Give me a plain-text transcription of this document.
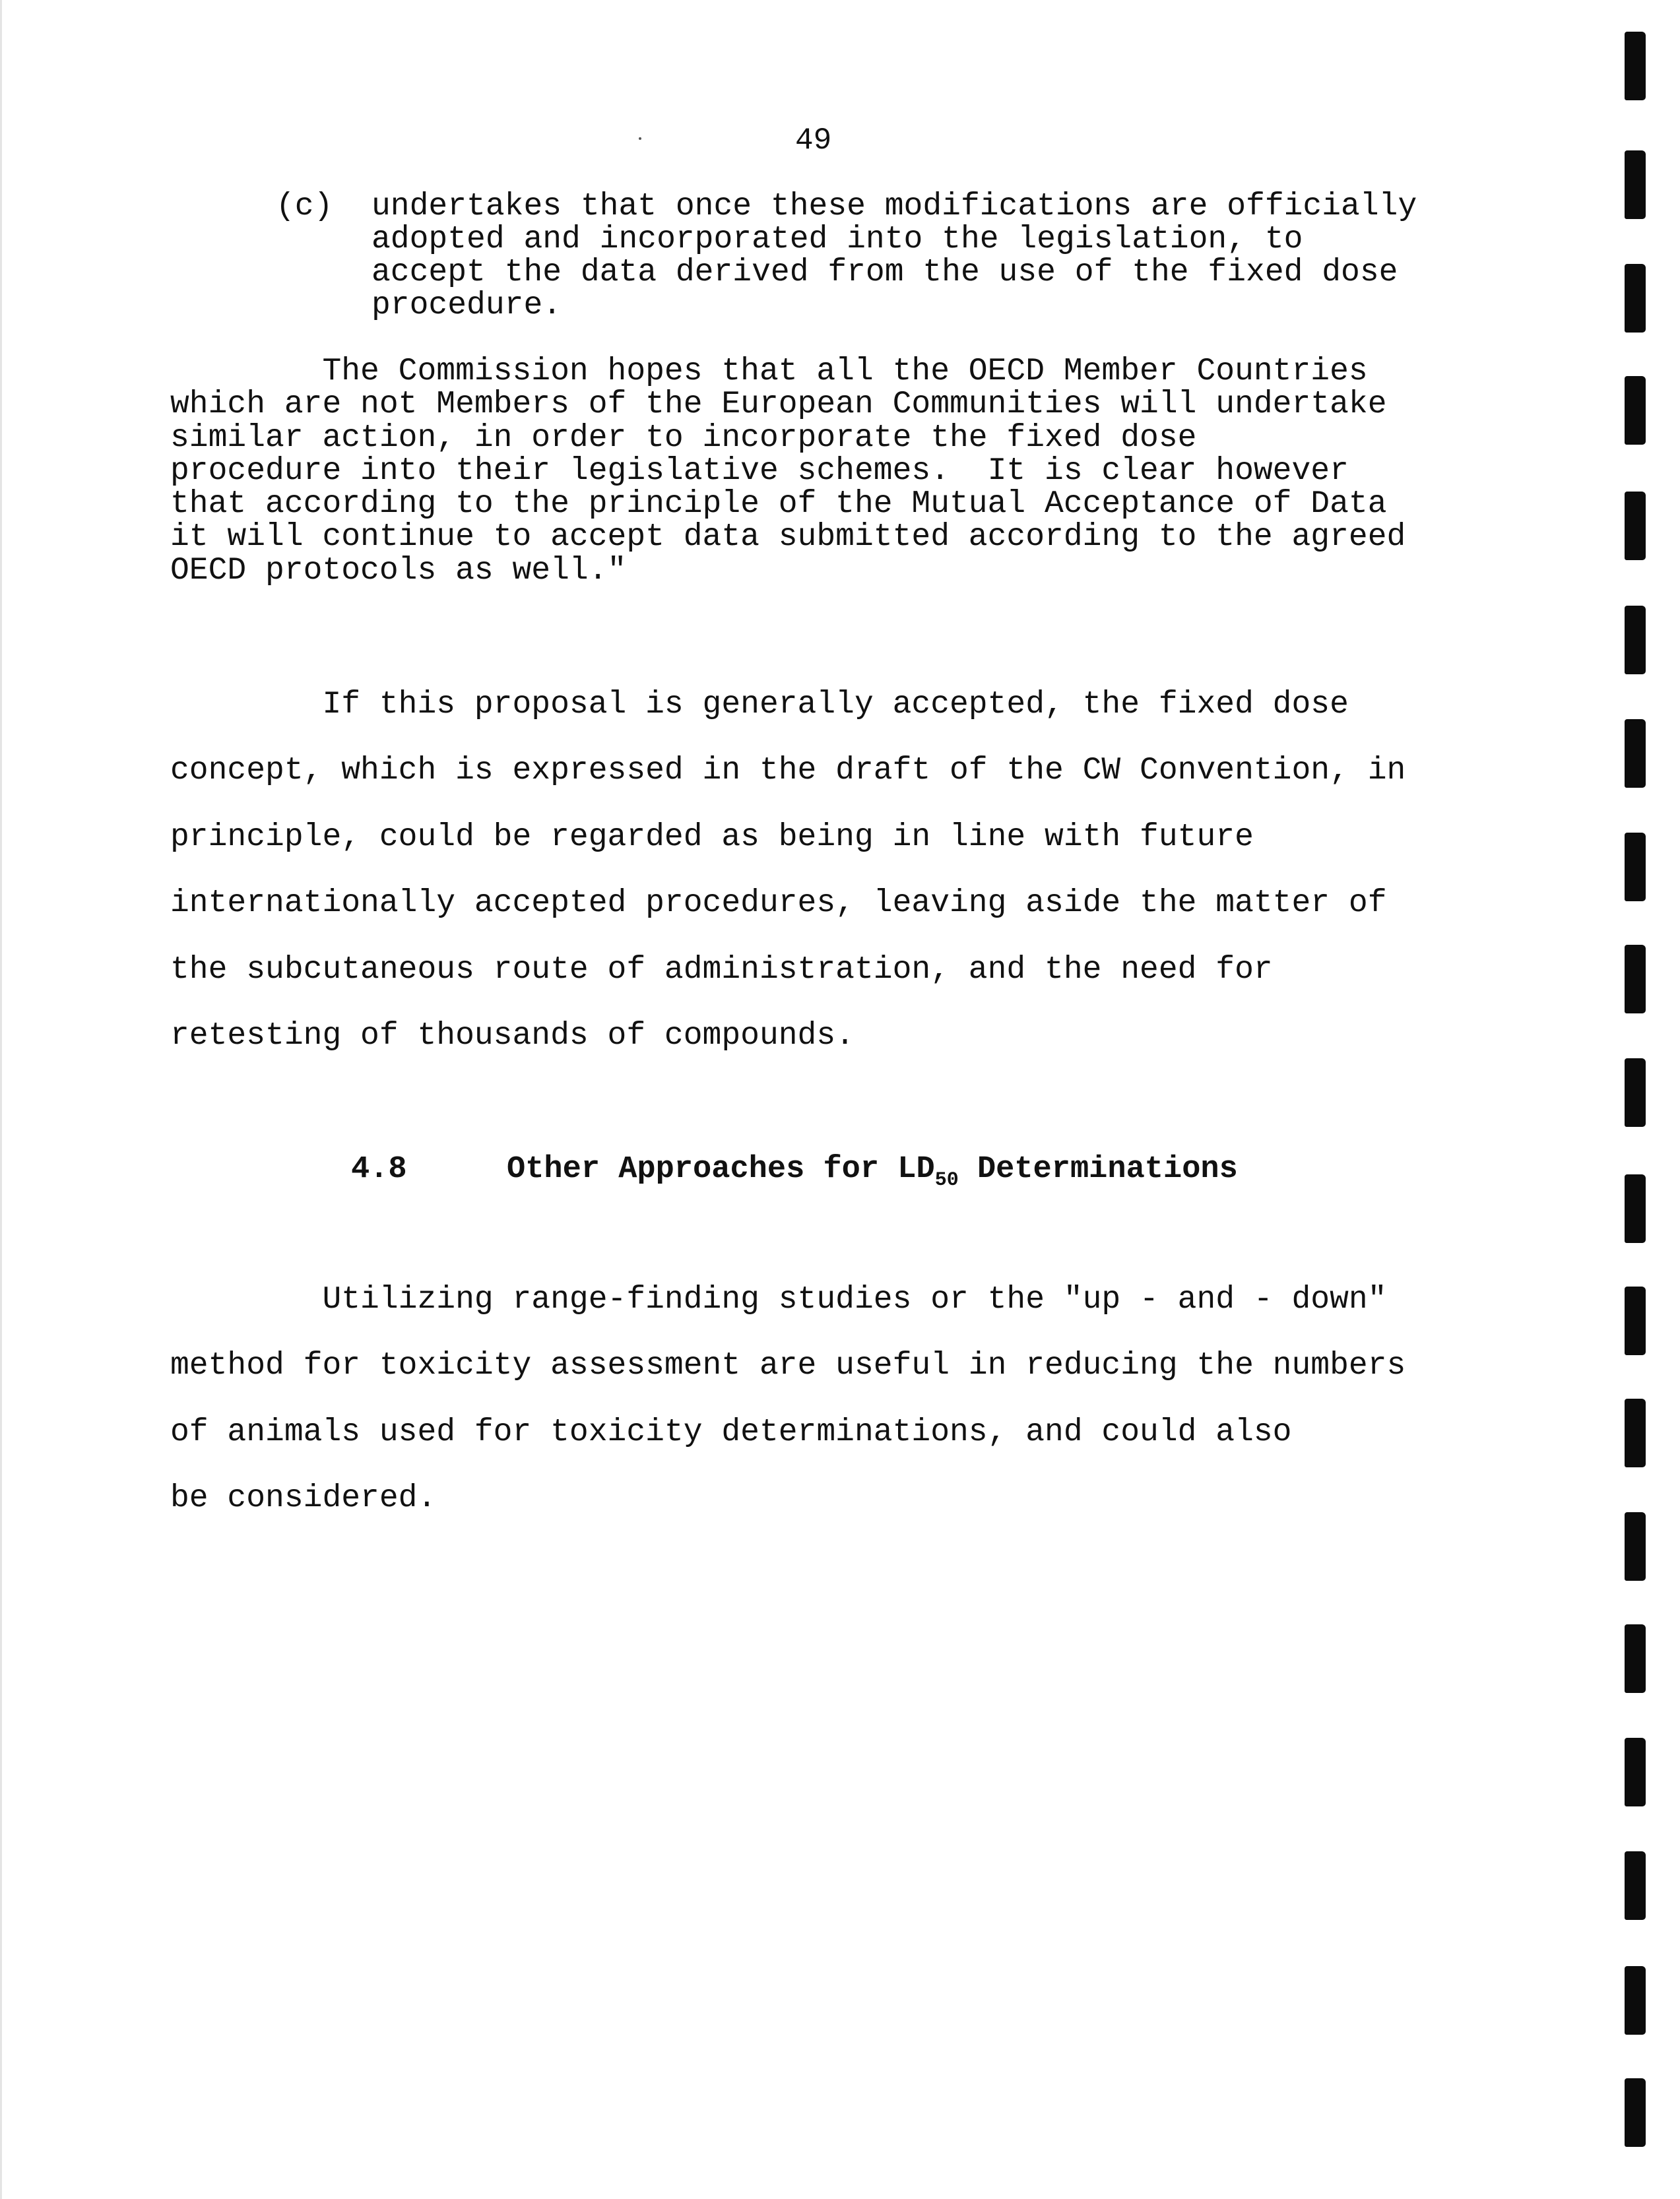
49
(c) undertakes that once these modifications are officially
adopted and incorporated into the legislation, to
accept the data derived from the use of the fixed dose
procedure.
The Commission hopes that all the OECD Member Countries
which are not Members of the European Communities will undertake
similar action, in order to incorporate the fixed dose
procedure into their legislative schemes.  It is clear however
that according to the principle of the Mutual Acceptance of Data
it will continue to accept data submitted according to the agreed
OECD protocols as well."
If this proposal is generally accepted, the fixed dose
concept, which is expressed in the draft of the CW Convention, in
principle, could be regarded as being in line with future
internationally accepted procedures, leaving aside the matter of
the subcutaneous route of administration, and the need for
retesting of thousands of compounds.
4.8	Other Approaches for $LD_{50}$ Determinations
Utilizing range-finding studies or the "up - and - down"
method for toxicity assessment are useful in reducing the numbers
of animals used for toxicity determinations, and could also
be considered.
